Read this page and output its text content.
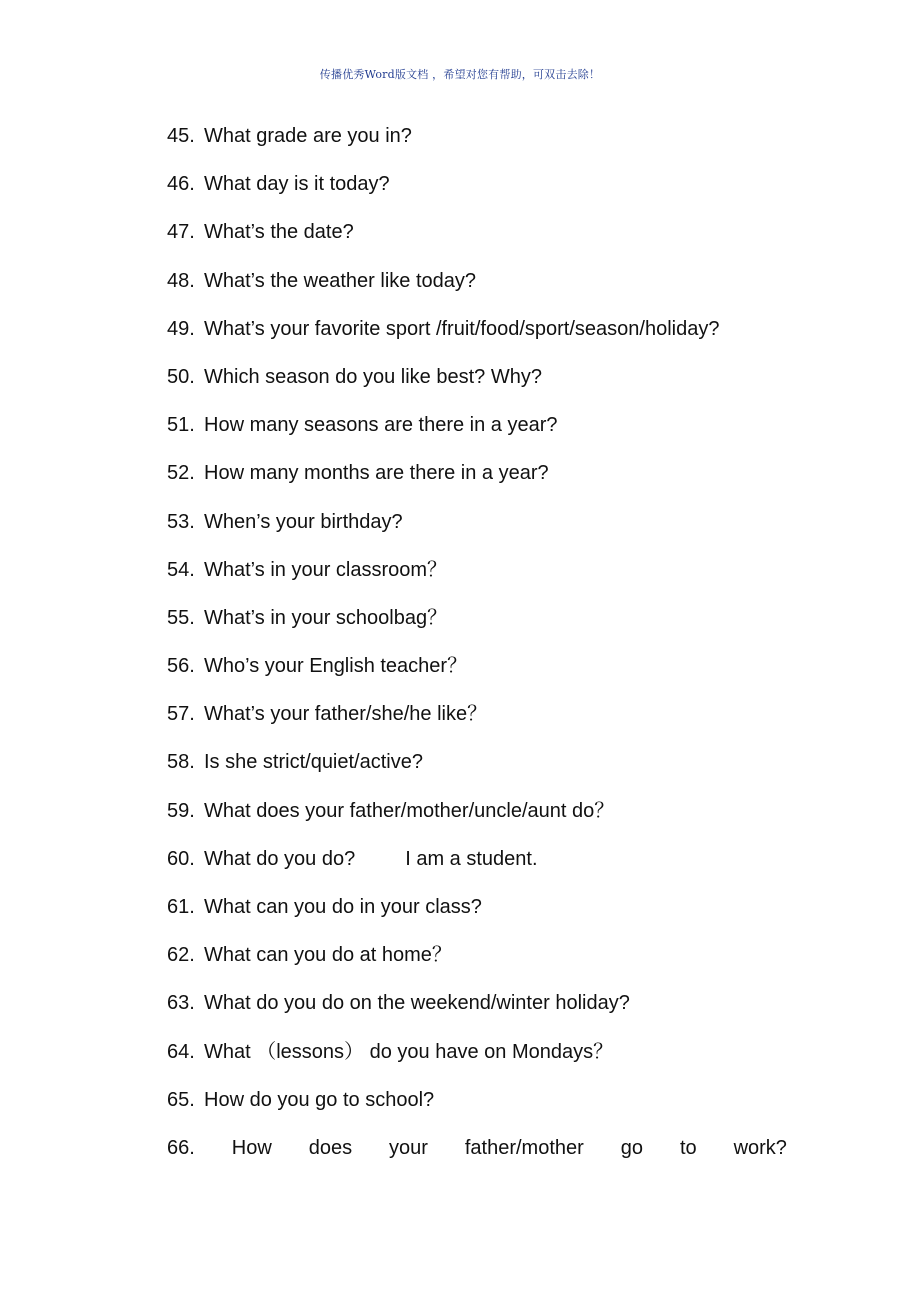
传播优秀Word版文档 ，希望对您有帮助，可双击去除！
45. What grade are you in?
46. What day is it today?
47. What’s the date?
48. What’s the weather like today?
49. What’s your favorite sport /fruit/food/sport/season/holiday?
50. Which season do you like best? Why?
51. How many seasons are there in a year?
52. How many months are there in a year?
53. When’s your birthday?
54. What’s in your classroom？
55. What’s in your schoolbag？
56. Who’s your English teacher？
57. What’s your father/she/he like？
58. Is she strict/quiet/active?
59. What does your father/mother/uncle/aunt do？
60. What do you do?         I am a student.
61. What can you do in your class?
62. What can you do at home？
63. What do you do on the weekend/winter holiday?
64. What （lessons） do you have on Mondays？
65. How do you go to school?
66. How does your father/mother go to work?
